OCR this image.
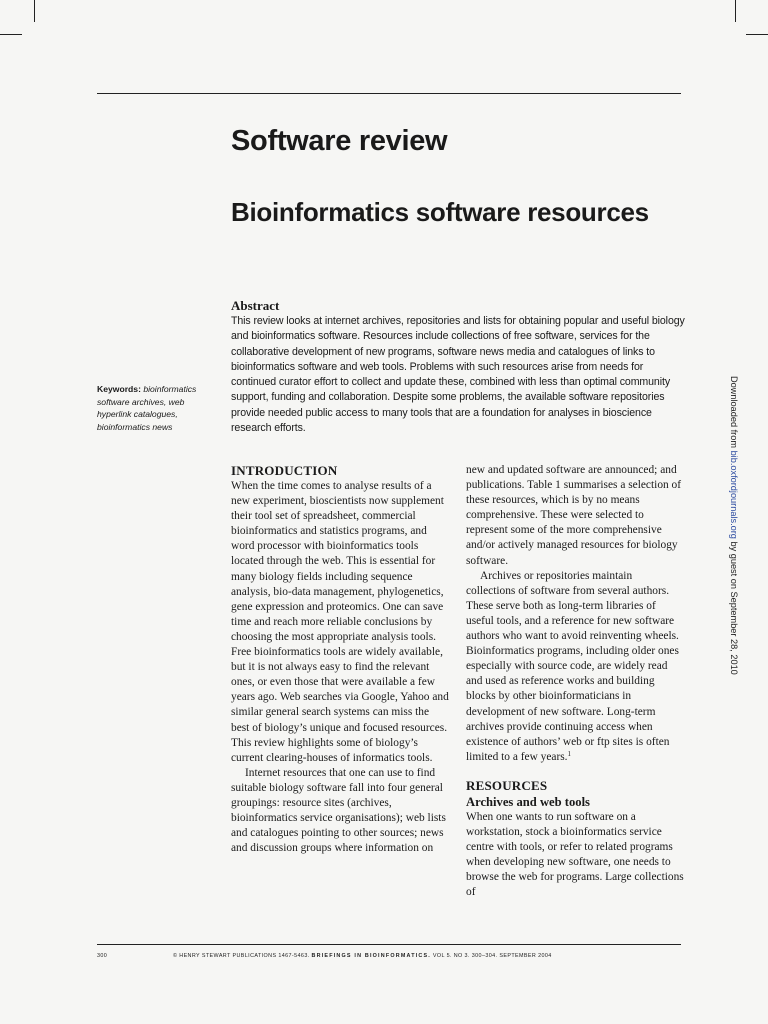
Software review
Bioinformatics software resources
Abstract

This review looks at internet archives, repositories and lists for obtaining popular and useful biology and bioinformatics software. Resources include collections of free software, services for the collaborative development of new programs, software news media and catalogues of links to bioinformatics software and web tools. Problems with such resources arise from needs for continued curator effort to collect and update these, combined with less than optimal community support, funding and collaboration. Despite some problems, the available software repositories provide needed public access to many tools that are a foundation for analyses in bioscience research efforts.

Keywords: bioinformatics software archives, web hyperlink catalogues, bioinformatics news

INTRODUCTION

When the time comes to analyse results of a new experiment, bioscientists now supplement their tool set of spreadsheet, commercial bioinformatics and statistics programs, and word processor with bioinformatics tools located through the web. This is essential for many biology fields including sequence analysis, bio-data management, phylogenetics, gene expression and proteomics. One can save time and reach more reliable conclusions by choosing the most appropriate analysis tools. Free bioinformatics tools are widely available, but it is not always easy to find the relevant ones, or even those that were available a few years ago. Web searches via Google, Yahoo and similar general search systems can miss the best of biology’s unique and focused resources. This review highlights some of biology’s current clearing-houses of informatics tools.

Internet resources that one can use to find suitable biology software fall into four general groupings: resource sites (archives, bioinformatics service organisations); web lists and catalogues pointing to other sources; news and discussion groups where information on

new and updated software are announced; and publications. Table 1 summarises a selection of these resources, which is by no means comprehensive. These were selected to represent some of the more comprehensive and/or actively managed resources for biology software.

Archives or repositories maintain collections of software from several authors. These serve both as long-term libraries of useful tools, and a reference for new software authors who want to avoid reinventing wheels. Bioinformatics programs, including older ones especially with source code, are widely read and used as reference works and building blocks by other bioinformaticians in development of new software. Long-term archives provide continuing access when existence of authors’ web or ftp sites is often limited to a few years.$^1$

RESOURCES
Archives and web tools

When one wants to run software on a workstation, stock a bioinformatics service centre with tools, or refer to related programs when developing new software, one needs to browse the web for programs. Large collections of

Downloaded from bib.oxfordjournals.org by guest on September 28, 2010
300	© HENRY STEWART PUBLICATIONS 1467-5463. BRIEFINGS IN BIOINFORMATICS. VOL 5. NO 3. 300–304. SEPTEMBER 2004
